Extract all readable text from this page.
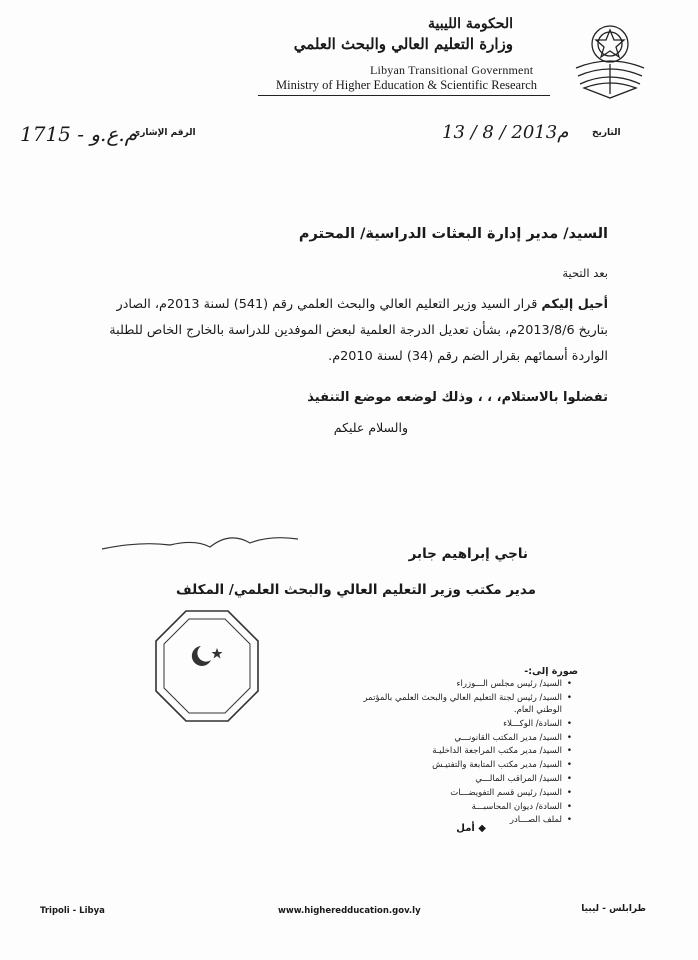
الحكومة الليبية
وزارة التعليم العالي والبحث العلمي
Libyan Transitional Government
Ministry of Higher Education & Scientific Research
م.ع.و - 1715
الرقم الإشاري	13 / 8 / 2013م	التاريخ
السيد/ مدير إدارة البعثات الدراسية/ المحترم
بعد التحية
أحيل إليكم قرار السيد وزير التعليم العالي والبحث العلمي رقم (541) لسنة 2013م، الصادر بتاريخ 2013/8/6م، بشأن تعديل الدرجة العلمية لبعض الموفدين للدراسة بالخارج الخاص للطلبة الواردة أسمائهم بقرار الضم رقم (34) لسنة 2010م.
تفضلوا بالاستلام، ، ، وذلك لوضعه موضع التنفيذ
والسلام عليكم
ناجي إبراهيم جابر
مدير مكتب وزير التعليم العالي والبحث العلمي/ المكلف
صورة إلى:-
• السيد/ رئيس مجلس الـــوزراء
• السيد/ رئيس لجنة التعليم العالي والبحث العلمي بالمؤتمر الوطني العام.
• السادة/ الوكـــلاء
• السيد/ مدير المكتب القانونـــي
• السيد/ مدير مكتب المراجعة الداخليـة
• السيد/ مدير مكتب المتابعة والتفتيـش
• السيد/ المراقب المالـــي
• السيد/ رئيس قسم التفويضـــات
• السادة/ ديوان المحاسبـــة
• لملف الصـــادر
◆ أمل
Tripoli - Libya	www.higheredducation.gov.ly	طرابلس - ليبيا
